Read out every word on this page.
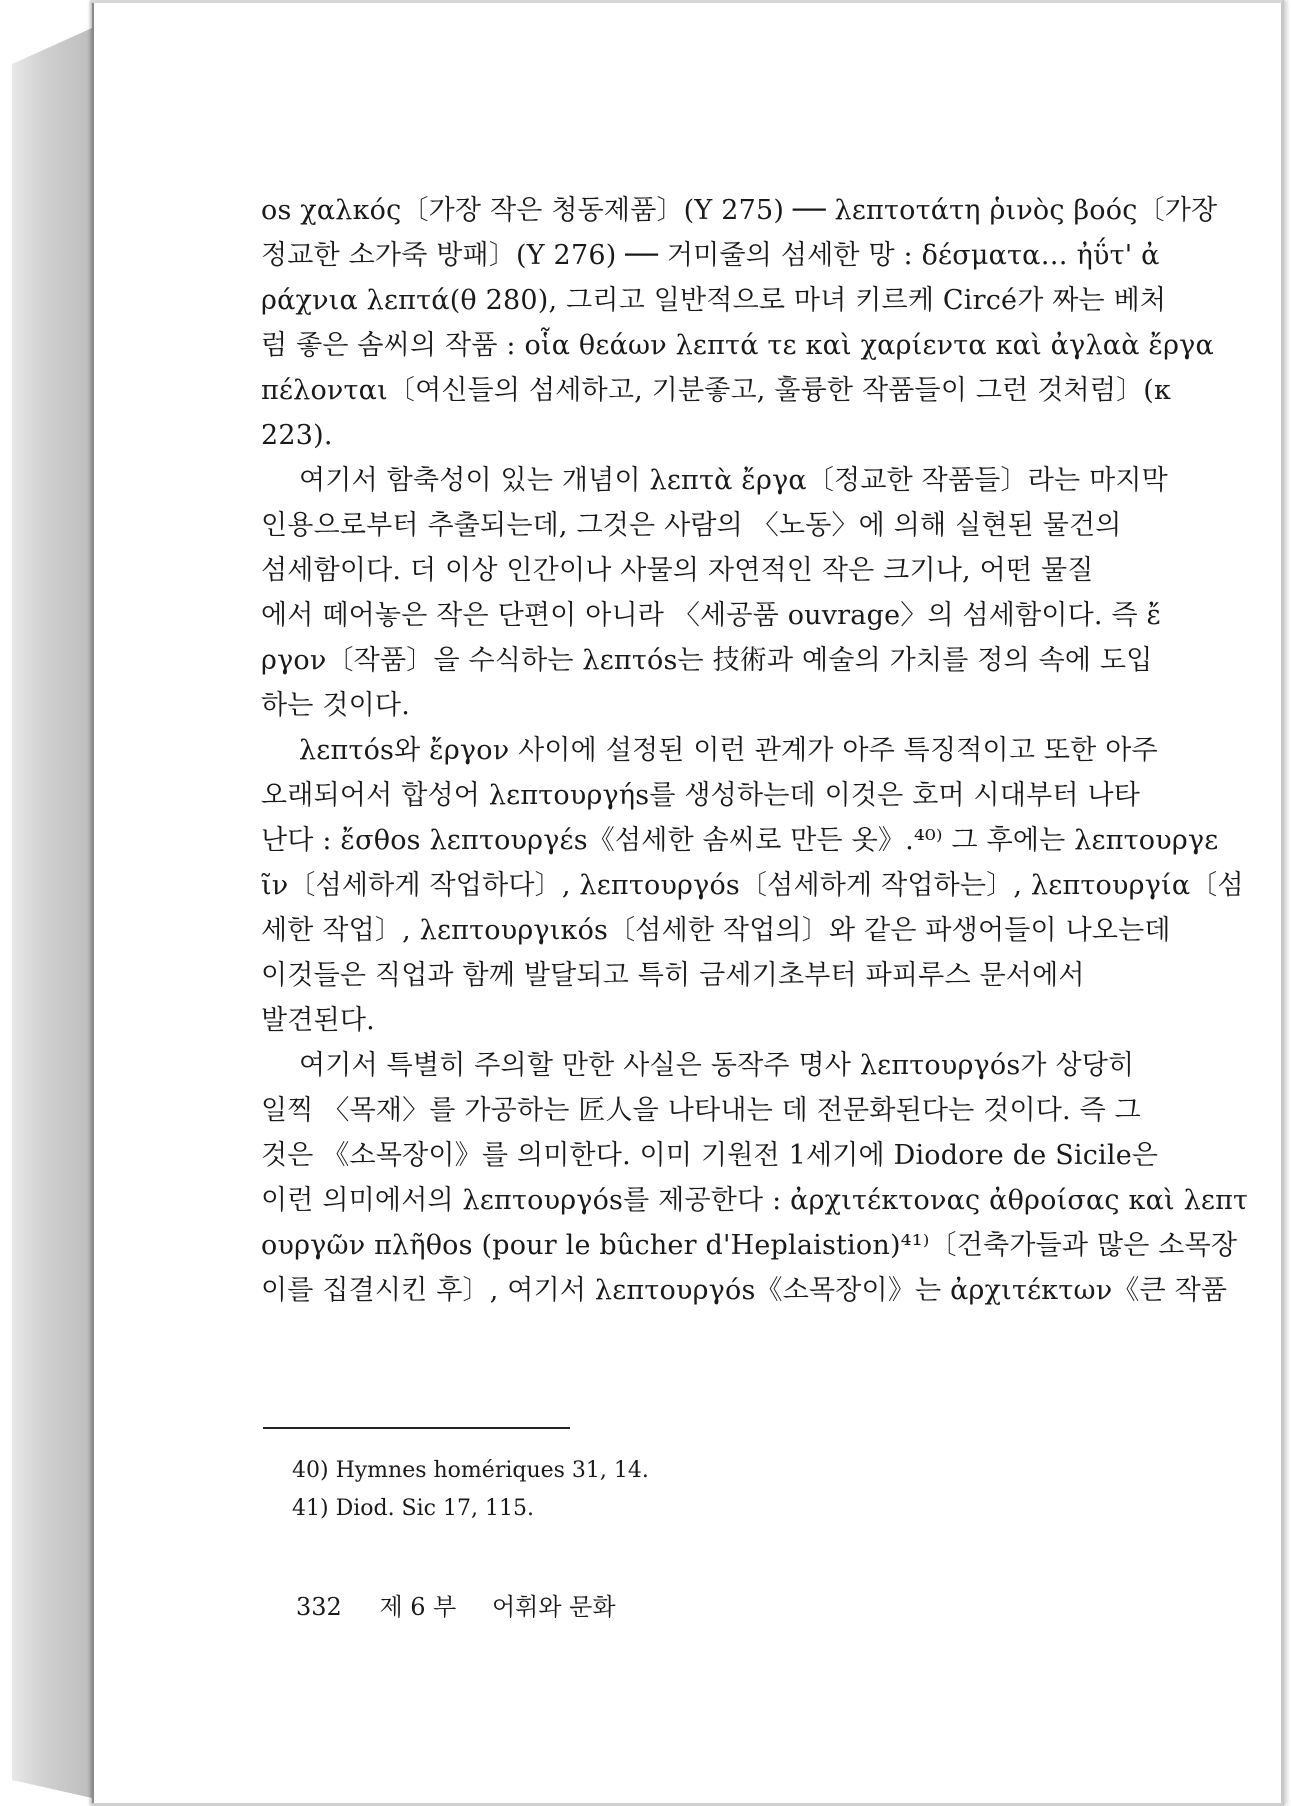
os χαλκός〔가장 작은 청동제품〕(Y 275) ── λεπτοτάτη ῥινὸς βοός〔가장
정교한 소가죽 방패〕(Y 276) ── 거미줄의 섬세한 망 : δέσματα… ἠΰτ' ἀ
ράχνια λεπτά(θ 280), 그리고 일반적으로 마녀 키르케 Circé가 짜는 베처
럼 좋은 솜씨의 작품 : οἷα θεάων λεπτά τε καὶ χαρίεντα καὶ ἀγλαὰ ἔργα
πέλονται〔여신들의 섬세하고, 기분좋고, 훌륭한 작품들이 그런 것처럼〕(κ
223).
여기서 함축성이 있는 개념이 λεπτὰ ἔργα〔정교한 작품들〕라는 마지막
인용으로부터 추출되는데, 그것은 사람의 〈노동〉에 의해 실현된 물건의
섬세함이다. 더 이상 인간이나 사물의 자연적인 작은 크기나, 어떤 물질
에서 떼어놓은 작은 단편이 아니라 〈세공품 ouvrage〉의 섬세함이다. 즉 ἔ
ργον〔작품〕을 수식하는 λεπτόs는 技術과 예술의 가치를 정의 속에 도입
하는 것이다.
λεπτόs와 ἔργον 사이에 설정된 이런 관계가 아주 특징적이고 또한 아주
오래되어서 합성어 λεπτουργήs를 생성하는데 이것은 호머 시대부터 나타
난다 : ἔσθos λεπτουργέs《섬세한 솜씨로 만든 옷》.⁴⁰⁾ 그 후에는 λεπτουργε
ῖν〔섬세하게 작업하다〕, λεπτουργόs〔섬세하게 작업하는〕, λεπτουργία〔섬
세한 작업〕, λεπτουργικόs〔섬세한 작업의〕와 같은 파생어들이 나오는데
이것들은 직업과 함께 발달되고 특히 금세기초부터 파피루스 문서에서
발견된다.
여기서 특별히 주의할 만한 사실은 동작주 명사 λεπτουργόs가 상당히
일찍 〈목재〉를 가공하는 匠人을 나타내는 데 전문화된다는 것이다. 즉 그
것은 《소목장이》를 의미한다. 이미 기원전 1세기에 Diodore de Sicile은
이런 의미에서의 λεπτουργόs를 제공한다 : ἀρχιτέκτονας ἀθροίσας καὶ λεπτ
ουργῶν πλῆθοs (pour le bûcher d'Heplaistion)⁴¹⁾〔건축가들과 많은 소목장
이를 집결시킨 후〕, 여기서 λεπτουργόs《소목장이》는 ἀρχιτέκτων《큰 작품
40) Hymnes homériques 31, 14.
41) Diod. Sic 17, 115.
332 제 6 부 어휘와 문화
